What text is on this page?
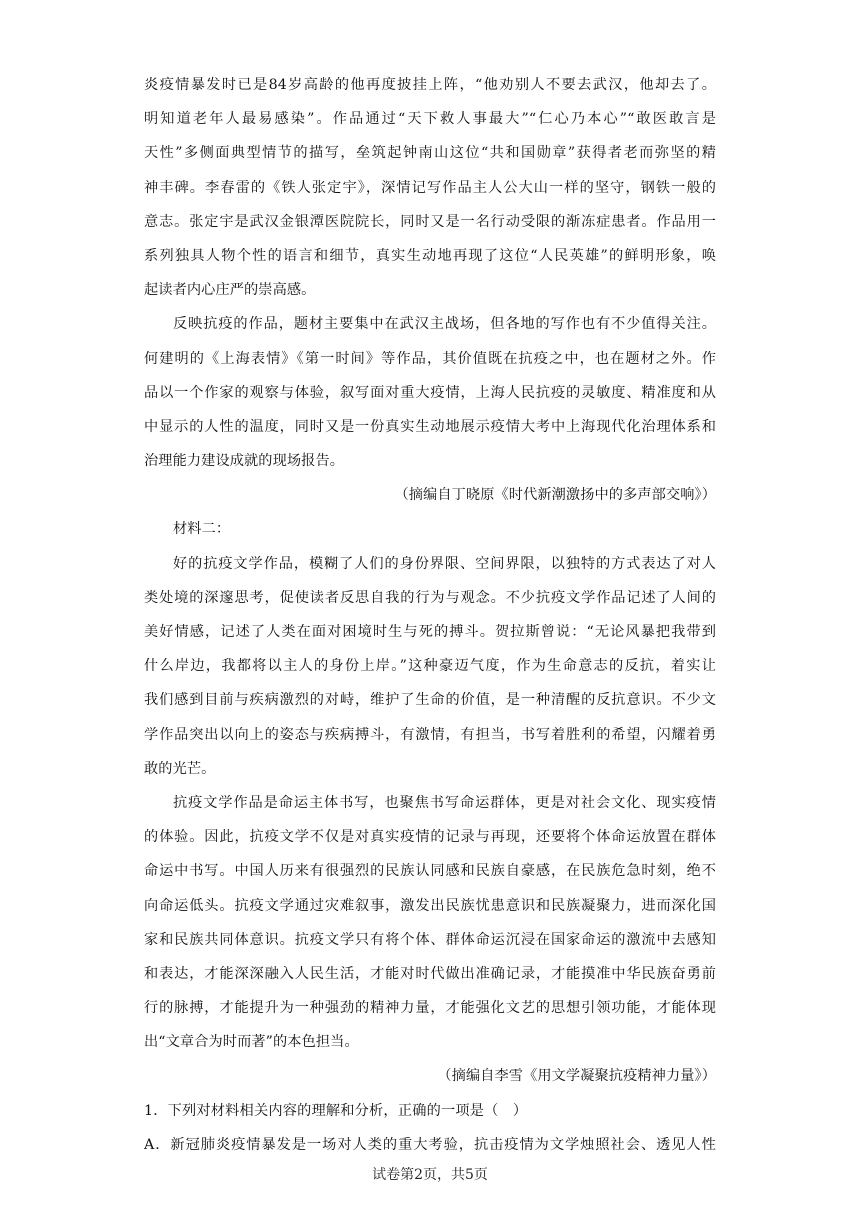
炎疫情暴发时已是84岁高龄的他再度披挂上阵，“他劝别人不要去武汉，他却去了。
明知道老年人最易感染”。作品通过“天下救人事最大”“仁心乃本心”“敢医敢言是
天性”多侧面典型情节的描写，垒筑起钟南山这位“共和国勋章”获得者老而弥坚的精
神丰碑。李春雷的《铁人张定宇》，深情记写作品主人公大山一样的坚守，钢铁一般的
意志。张定宇是武汉金银潭医院院长，同时又是一名行动受限的渐冻症患者。作品用一
系列独具人物个性的语言和细节，真实生动地再现了这位“人民英雄”的鲜明形象，唤
起读者内心庄严的崇高感。
反映抗疫的作品，题材主要集中在武汉主战场，但各地的写作也有不少值得关注。
何建明的《上海表情》《第一时间》等作品，其价值既在抗疫之中，也在题材之外。作
品以一个作家的观察与体验，叙写面对重大疫情，上海人民抗疫的灵敏度、精准度和从
中显示的人性的温度，同时又是一份真实生动地展示疫情大考中上海现代化治理体系和
治理能力建设成就的现场报告。
（摘编自丁晓原《时代新潮激扬中的多声部交响》）
材料二：
好的抗疫文学作品，模糊了人们的身份界限、空间界限，以独特的方式表达了对人
类处境的深邃思考，促使读者反思自我的行为与观念。不少抗疫文学作品记述了人间的
美好情感，记述了人类在面对困境时生与死的搏斗。贺拉斯曾说：“无论风暴把我带到
什么岸边，我都将以主人的身份上岸。”这种豪迈气度，作为生命意志的反抗，着实让
我们感到目前与疾病激烈的对峙，维护了生命的价值，是一种清醒的反抗意识。不少文
学作品突出以向上的姿态与疾病搏斗，有激情，有担当，书写着胜利的希望，闪耀着勇
敢的光芒。
抗疫文学作品是命运主体书写，也聚焦书写命运群体，更是对社会文化、现实疫情
的体验。因此，抗疫文学不仅是对真实疫情的记录与再现，还要将个体命运放置在群体
命运中书写。中国人历来有很强烈的民族认同感和民族自豪感，在民族危急时刻，绝不
向命运低头。抗疫文学通过灾难叙事，激发出民族忧患意识和民族凝聚力，进而深化国
家和民族共同体意识。抗疫文学只有将个体、群体命运沉浸在国家命运的激流中去感知
和表达，才能深深融入人民生活，才能对时代做出准确记录，才能摸准中华民族奋勇前
行的脉搏，才能提升为一种强劲的精神力量，才能强化文艺的思想引领功能，才能体现
出“文章合为时而著”的本色担当。
（摘编自李雪《用文学凝聚抗疫精神力量》）
1．下列对材料相关内容的理解和分析，正确的一项是（　）
A．新冠肺炎疫情暴发是一场对人类的重大考验，抗击疫情为文学烛照社会、透见人性
试卷第2页，共5页
